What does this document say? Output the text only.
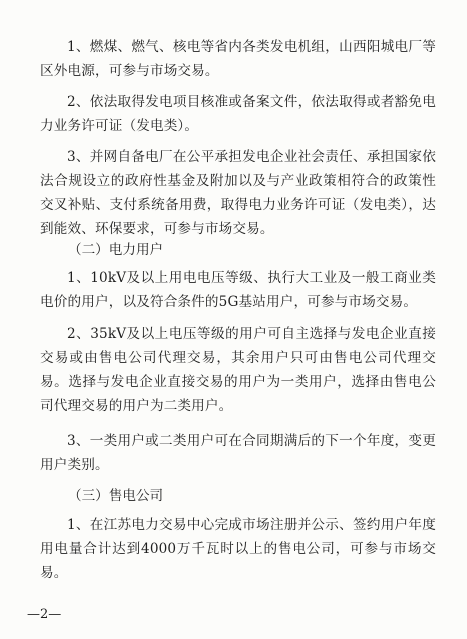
1、燃煤、燃气、核电等省内各类发电机组，山西阳城电厂等区外电源，可参与市场交易。

2、依法取得发电项目核准或备案文件，依法取得或者豁免电力业务许可证（发电类）。

3、并网自备电厂在公平承担发电企业社会责任、承担国家依法合规设立的政府性基金及附加以及与产业政策相符合的政策性交叉补贴、支付系统备用费，取得电力业务许可证（发电类），达到能效、环保要求，可参与市场交易。

（二）电力用户

1、10kV及以上用电电压等级、执行大工业及一般工商业类电价的用户，以及符合条件的5G基站用户，可参与市场交易。

2、35kV及以上电压等级的用户可自主选择与发电企业直接交易或由售电公司代理交易，其余用户只可由售电公司代理交易。选择与发电企业直接交易的用户为一类用户，选择由售电公司代理交易的用户为二类用户。

3、一类用户或二类用户可在合同期满后的下一个年度，变更用户类别。

（三）售电公司

1、在江苏电力交易中心完成市场注册并公示、签约用户年度用电量合计达到4000万千瓦时以上的售电公司，可参与市场交易。

—2—
